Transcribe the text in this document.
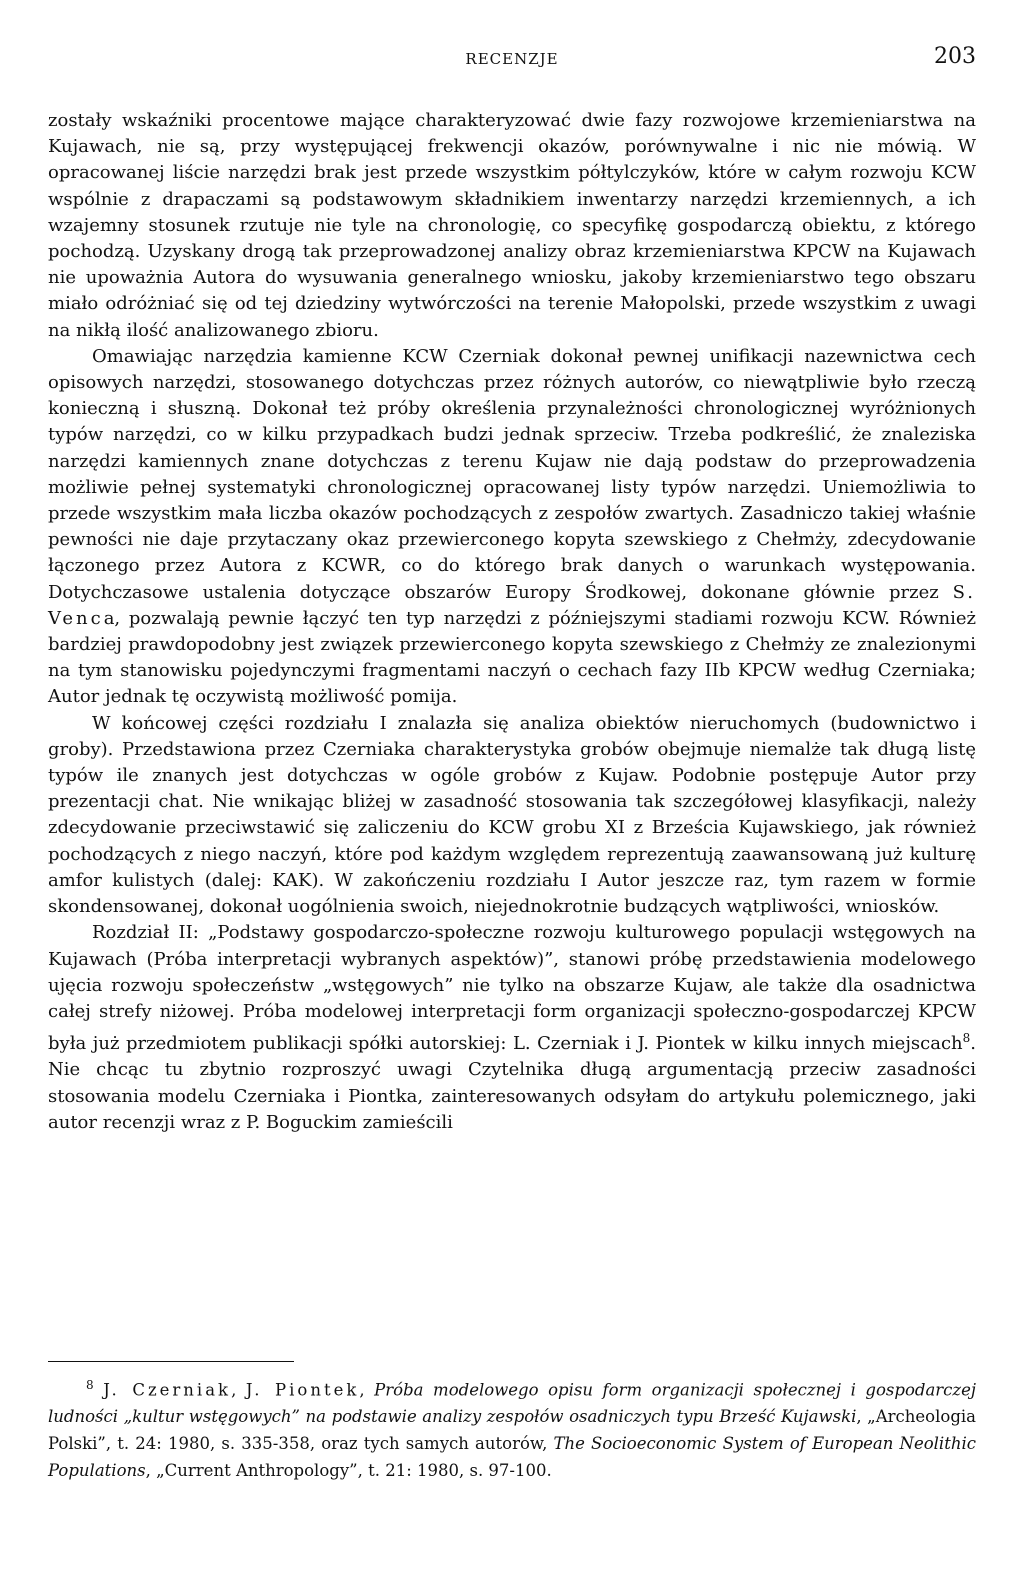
RECENZJE	203

zostały wskaźniki procentowe mające charakteryzować dwie fazy rozwojowe krzemieniarstwa na Kujawach, nie są, przy występującej frekwencji okazów, porównywalne i nic nie mówią. W opracowanej liście narzędzi brak jest przede wszystkim półtylczyków, które w całym rozwoju KCW wspólnie z drapaczami są podstawowym składnikiem inwentarzy narzędzi krzemiennych, a ich wzajemny stosunek rzutuje nie tyle na chronologię, co specyfikę gospodarczą obiektu, z którego pochodzą. Uzyskany drogą tak przeprowadzonej analizy obraz krzemieniarstwa KPCW na Kujawach nie upoważnia Autora do wysuwania generalnego wniosku, jakoby krzemieniarstwo tego obszaru miało odróżniać się od tej dziedziny wytwórczości na terenie Małopolski, przede wszystkim z uwagi na nikłą ilość analizowanego zbioru.

Omawiając narzędzia kamienne KCW Czerniak dokonał pewnej unifikacji nazewnictwa cech opisowych narzędzi, stosowanego dotychczas przez różnych autorów, co niewątpliwie było rzeczą konieczną i słuszną. Dokonał też próby określenia przynależności chronologicznej wyróżnionych typów narzędzi, co w kilku przypadkach budzi jednak sprzeciw. Trzeba podkreślić, że znaleziska narzędzi kamiennych znane dotychczas z terenu Kujaw nie dają podstaw do przeprowadzenia możliwie pełnej systematyki chronologicznej opracowanej listy typów narzędzi. Uniemożliwia to przede wszystkim mała liczba okazów pochodzących z zespołów zwartych. Zasadniczo takiej właśnie pewności nie daje przytaczany okaz przewierconego kopyta szewskiego z Chełmży, zdecydowanie łączonego przez Autora z KCWR, co do którego brak danych o warunkach występowania. Dotychczasowe ustalenia dotyczące obszarów Europy Środkowej, dokonane głównie przez S. Venca, pozwalają pewnie łączyć ten typ narzędzi z późniejszymi stadiami rozwoju KCW. Również bardziej prawdopodobny jest związek przewierconego kopyta szewskiego z Chełmży ze znalezionymi na tym stanowisku pojedynczymi fragmentami naczyń o cechach fazy IIb KPCW według Czerniaka; Autor jednak tę oczywistą możliwość pomija.

W końcowej części rozdziału I znalazła się analiza obiektów nieruchomych (budownictwo i groby). Przedstawiona przez Czerniaka charakterystyka grobów obejmuje niemalże tak długą listę typów ile znanych jest dotychczas w ogóle grobów z Kujaw. Podobnie postępuje Autor przy prezentacji chat. Nie wnikając bliżej w zasadność stosowania tak szczegółowej klasyfikacji, należy zdecydowanie przeciwstawić się zaliczeniu do KCW grobu XI z Brześcia Kujawskiego, jak również pochodzących z niego naczyń, które pod każdym względem reprezentują zaawansowaną już kulturę amfor kulistych (dalej: KAK). W zakończeniu rozdziału I Autor jeszcze raz, tym razem w formie skondensowanej, dokonał uogólnienia swoich, niejednokrotnie budzących wątpliwości, wniosków.

Rozdział II: „Podstawy gospodarczo-społeczne rozwoju kulturowego populacji wstęgowych na Kujawach (Próba interpretacji wybranych aspektów)”, stanowi próbę przedstawienia modelowego ujęcia rozwoju społeczeństw „wstęgowych” nie tylko na obszarze Kujaw, ale także dla osadnictwa całej strefy niżowej. Próba modelowej interpretacji form organizacji społeczno-gospodarczej KPCW była już przedmiotem publikacji spółki autorskiej: L. Czerniak i J. Piontek w kilku innych miejscach$^8$. Nie chcąc tu zbytnio rozproszyć uwagi Czytelnika długą argumentacją przeciw zasadności stosowania modelu Czerniaka i Piontka, zainteresowanych odsyłam do artykułu polemicznego, jaki autor recenzji wraz z P. Boguckim zamieścili

$^8$ J. Czerniak, J. Piontek, Próba modelowego opisu form organizacji społecznej i gospodarczej ludności „kultur wstęgowych” na podstawie analizy zespołów osadniczych typu Brześć Kujawski, „Archeologia Polski”, t. 24: 1980, s. 335-358, oraz tych samych autorów, The Socioeconomic System of European Neolithic Populations, „Current Anthropology”, t. 21: 1980, s. 97-100.
